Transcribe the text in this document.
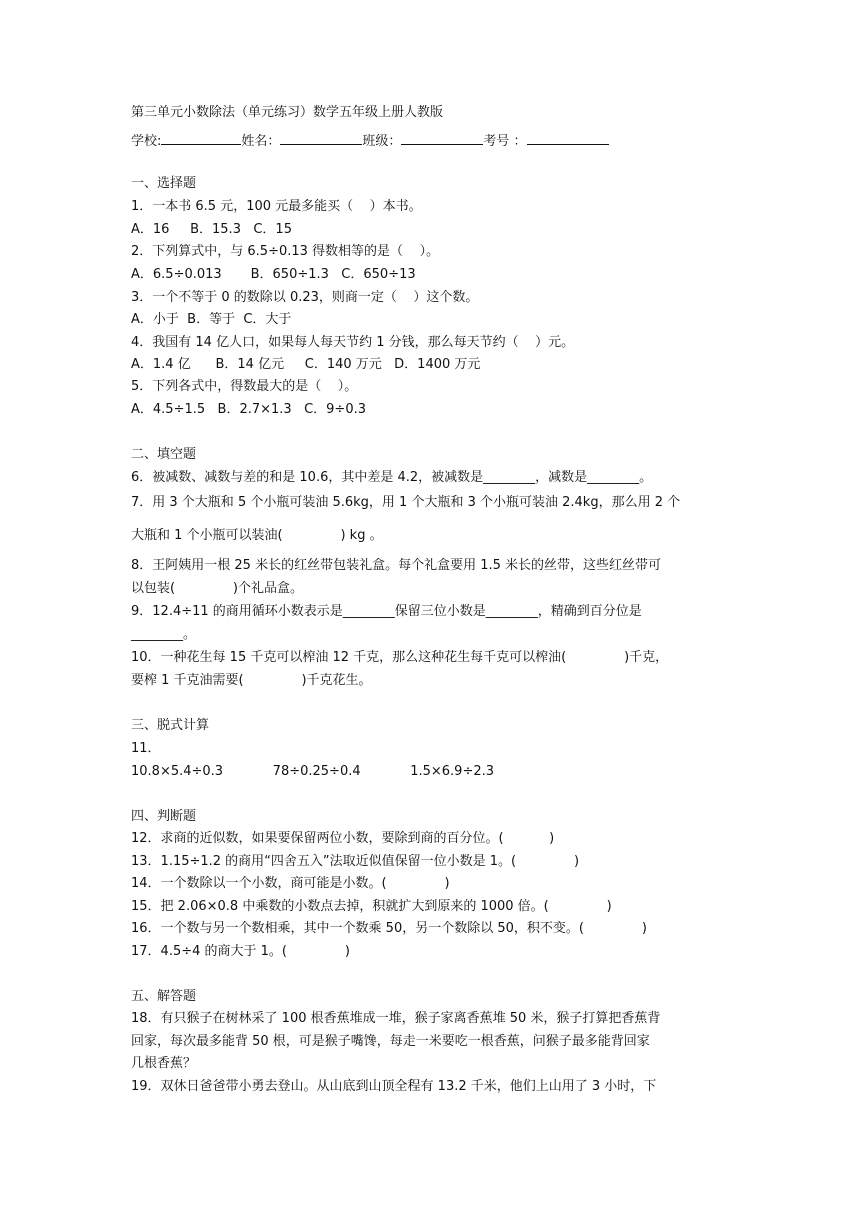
第三单元小数除法（单元练习）数学五年级上册人教版

学校:	姓名：	班级：	考号 ：

一、选择题

1．一本书 6.5 元，100 元最多能买（    ）本书。

A．16     B．15.3   C．15

2．下列算式中，与 6.5÷0.13 得数相等的是（    ）。

A．6.5÷0.013       B．650÷1.3   C．650÷13

3．一个不等于 0 的数除以 0.23，则商一定（    ）这个数。

A．小于  B．等于  C．大于

4．我国有 14 亿人口，如果每人每天节约 1 分钱，那么每天节约（    ）元。

A．1.4 亿      B．14 亿元     C．140 万元   D．1400 万元

5．下列各式中，得数最大的是（    ）。

A．4.5÷1.5   B．2.7×1.3   C．9÷0.3

二、填空题

6．被减数、减数与差的和是 10.6，其中差是 4.2，被减数是________，减数是________。

7．用 3 个大瓶和 5 个小瓶可装油 5.6kg，用 1 个大瓶和 3 个小瓶可装油 2.4kg，那么用 2 个

大瓶和 1 个小瓶可以装油(              ) kg 。

8．王阿姨用一根 25 米长的红丝带包装礼盒。每个礼盒要用 1.5 米长的丝带，这些红丝带可

以包装(              )个礼品盒。

9．12.4÷11 的商用循环小数表示是________保留三位小数是________，精确到百分位是

________。

10．一种花生每 15 千克可以榨油 12 千克，那么这种花生每千克可以榨油(              )千克，

要榨 1 千克油需要(              )千克花生。

三、脱式计算

11．

10.8×5.4÷0.3            78÷0.25÷0.4            1.5×6.9÷2.3

四、判断题

12．求商的近似数，如果要保留两位小数，要除到商的百分位。(           )

13．1.15÷1.2 的商用“四舍五入”法取近似值保留一位小数是 1。(              )

14．一个数除以一个小数，商可能是小数。(              )

15．把 2.06×0.8 中乘数的小数点去掉，积就扩大到原来的 1000 倍。(              )

16．一个数与另一个数相乘，其中一个数乘 50，另一个数除以 50，积不变。(              )

17．4.5÷4 的商大于 1。(              )

五、解答题

18．有只猴子在树林采了 100 根香蕉堆成一堆，猴子家离香蕉堆 50 米，猴子打算把香蕉背

回家，每次最多能背 50 根，可是猴子嘴馋，每走一米要吃一根香蕉，问猴子最多能背回家

几根香蕉？

19．双休日爸爸带小勇去登山。从山底到山顶全程有 13.2 千米，他们上山用了 3 小时，下
